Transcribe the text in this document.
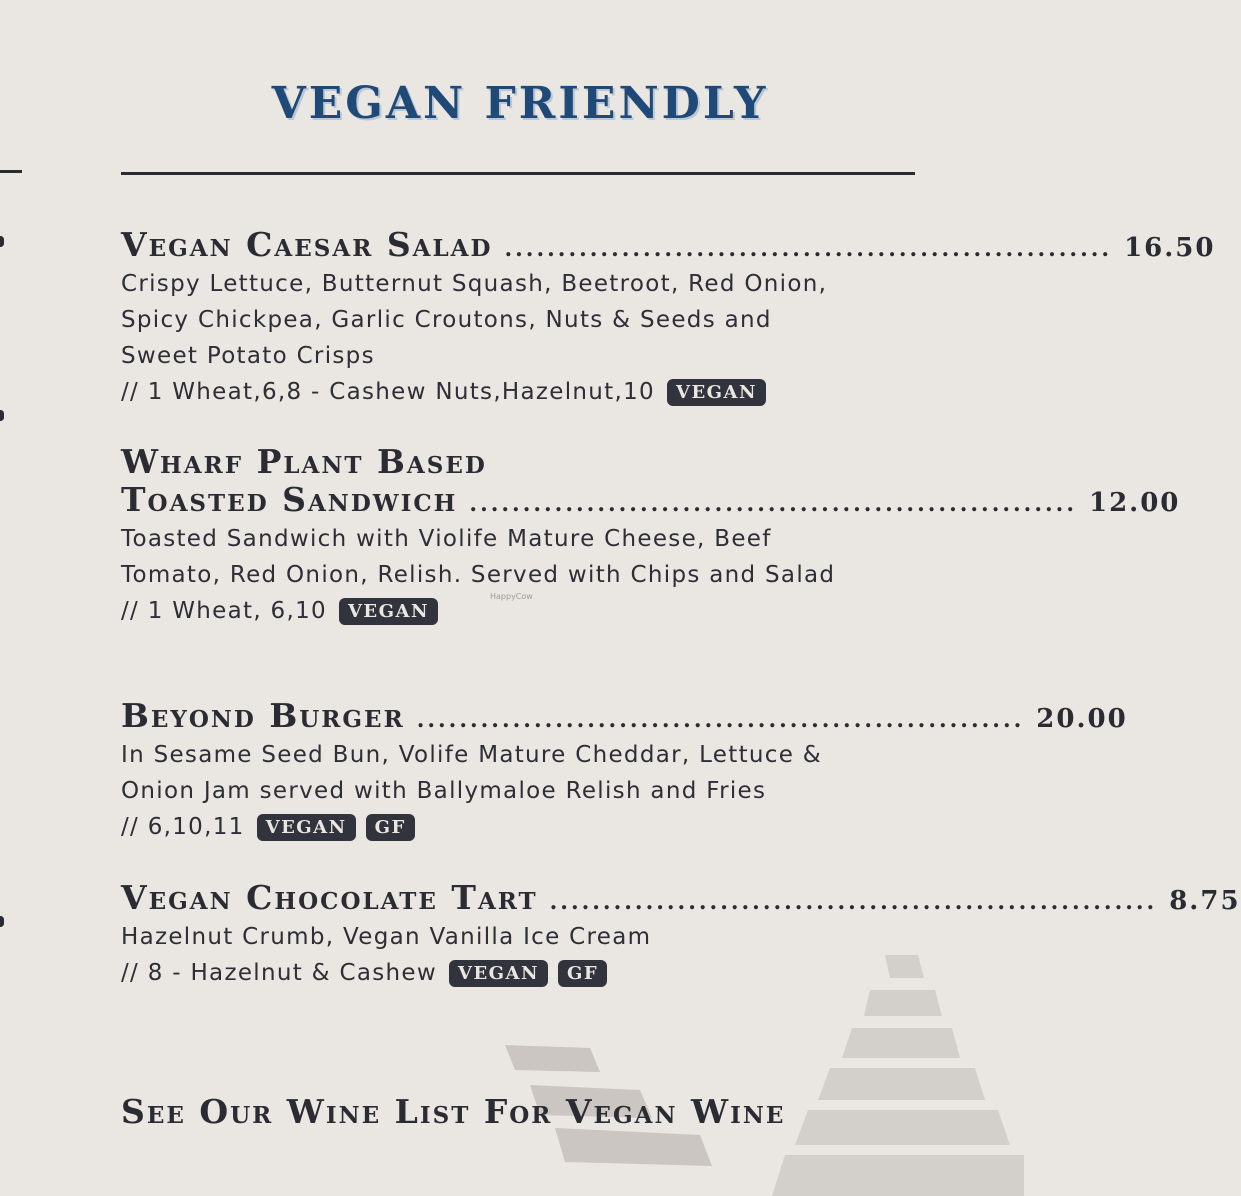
VEGAN FRIENDLY
Vegan Caesar Salad ......................................................... 16.50

Crispy Lettuce, Butternut Squash, Beetroot, Red Onion, Spicy Chickpea, Garlic Croutons, Nuts & Seeds and Sweet Potato Crisps

// 1 Wheat,6,8 - Cashew Nuts,Hazelnut,10	VEGAN
Wharf Plant Based
Toasted Sandwich ......................................................... 12.00

Toasted Sandwich with Violife Mature Cheese, Beef Tomato, Red Onion, Relish. Served with Chips and Salad

// 1 Wheat, 6,10	VEGAN
Beyond Burger ......................................................... 20.00

In Sesame Seed Bun, Volife Mature Cheddar, Lettuce & Onion Jam served with Ballymaloe Relish and Fries

// 6,10,11	VEGAN	GF
Vegan Chocolate Tart ......................................................... 8.75

Hazelnut Crumb, Vegan Vanilla Ice Cream

// 8 - Hazelnut & Cashew	VEGAN	GF
See Our Wine List For Vegan Wine
HappyCow
